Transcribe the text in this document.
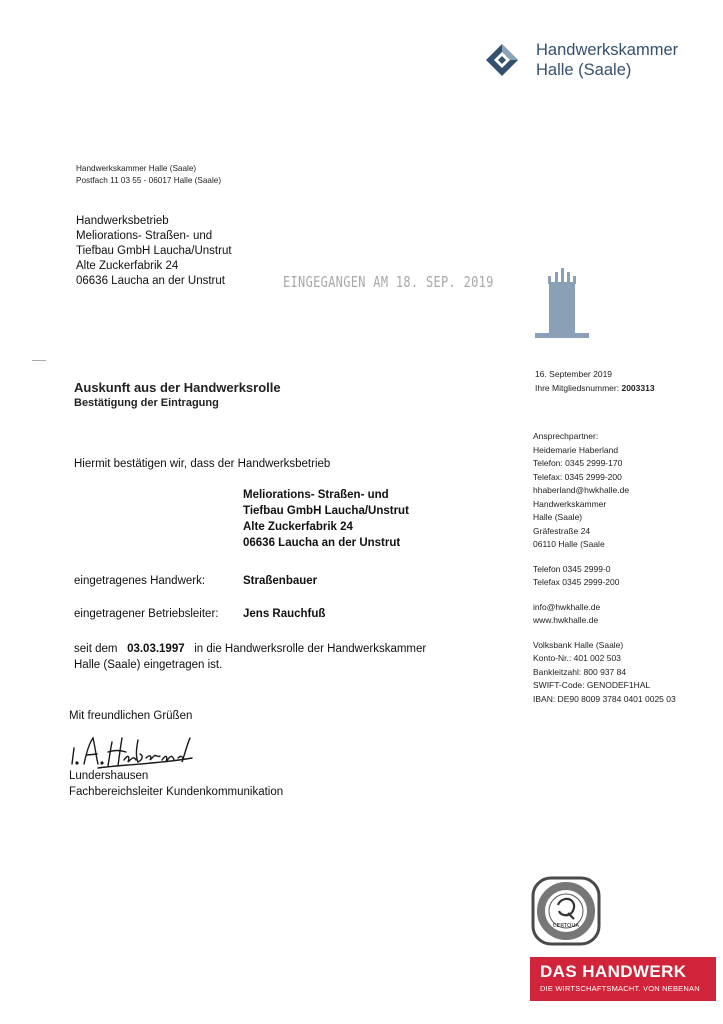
Handwerkskammer
Halle (Saale)
Handwerkskammer Halle (Saale)
Postfach 11 03 55 - 06017 Halle (Saale)
Handwerksbetrieb
Meliorations- Straßen- und
Tiefbau GmbH Laucha/Unstrut
Alte Zuckerfabrik 24
06636 Laucha an der Unstrut	EINGEGANGEN AM 18. SEP. 2019
16. September 2019
Ihre Mitgliedsnummer: 2003313
Auskunft aus der Handwerksrolle
Bestätigung der Eintragung
Hiermit bestätigen wir, dass der Handwerksbetrieb
Meliorations- Straßen- und
Tiefbau GmbH Laucha/Unstrut
Alte Zuckerfabrik 24
06636 Laucha an der Unstrut
eingetragenes Handwerk:	Straßenbauer
eingetragener Betriebsleiter: Jens Rauchfuß
seit dem 03.03.1997 in die Handwerksrolle der Handwerkskammer
Halle (Saale) eingetragen ist.
Mit freundlichen Grüßen
Lundershausen
Fachbereichsleiter Kundenkommunikation
Ansprechpartner:
Heidemarie Haberland
Telefon: 0345 2999-170
Telefax: 0345 2999-200
hhaberland@hwkhalle.de
Handwerkskammer
Halle (Saale)
Gräfestraße 24
06110 Halle (Saale
Telefon 0345 2999-0
Telefax 0345 2999-200
info@hwkhalle.de
www.hwkhalle.de
Volksbank Halle (Saale)
Konto-Nr.: 401 002 503
Bankleitzahl: 800 937 84
SWIFT-Code: GENODEF1HAL
IBAN: DE90 8009 3784 0401 0025 03
CERTQUA
DAS HANDWERK
DIE WIRTSCHAFTSMACHT. VON NEBENAN
